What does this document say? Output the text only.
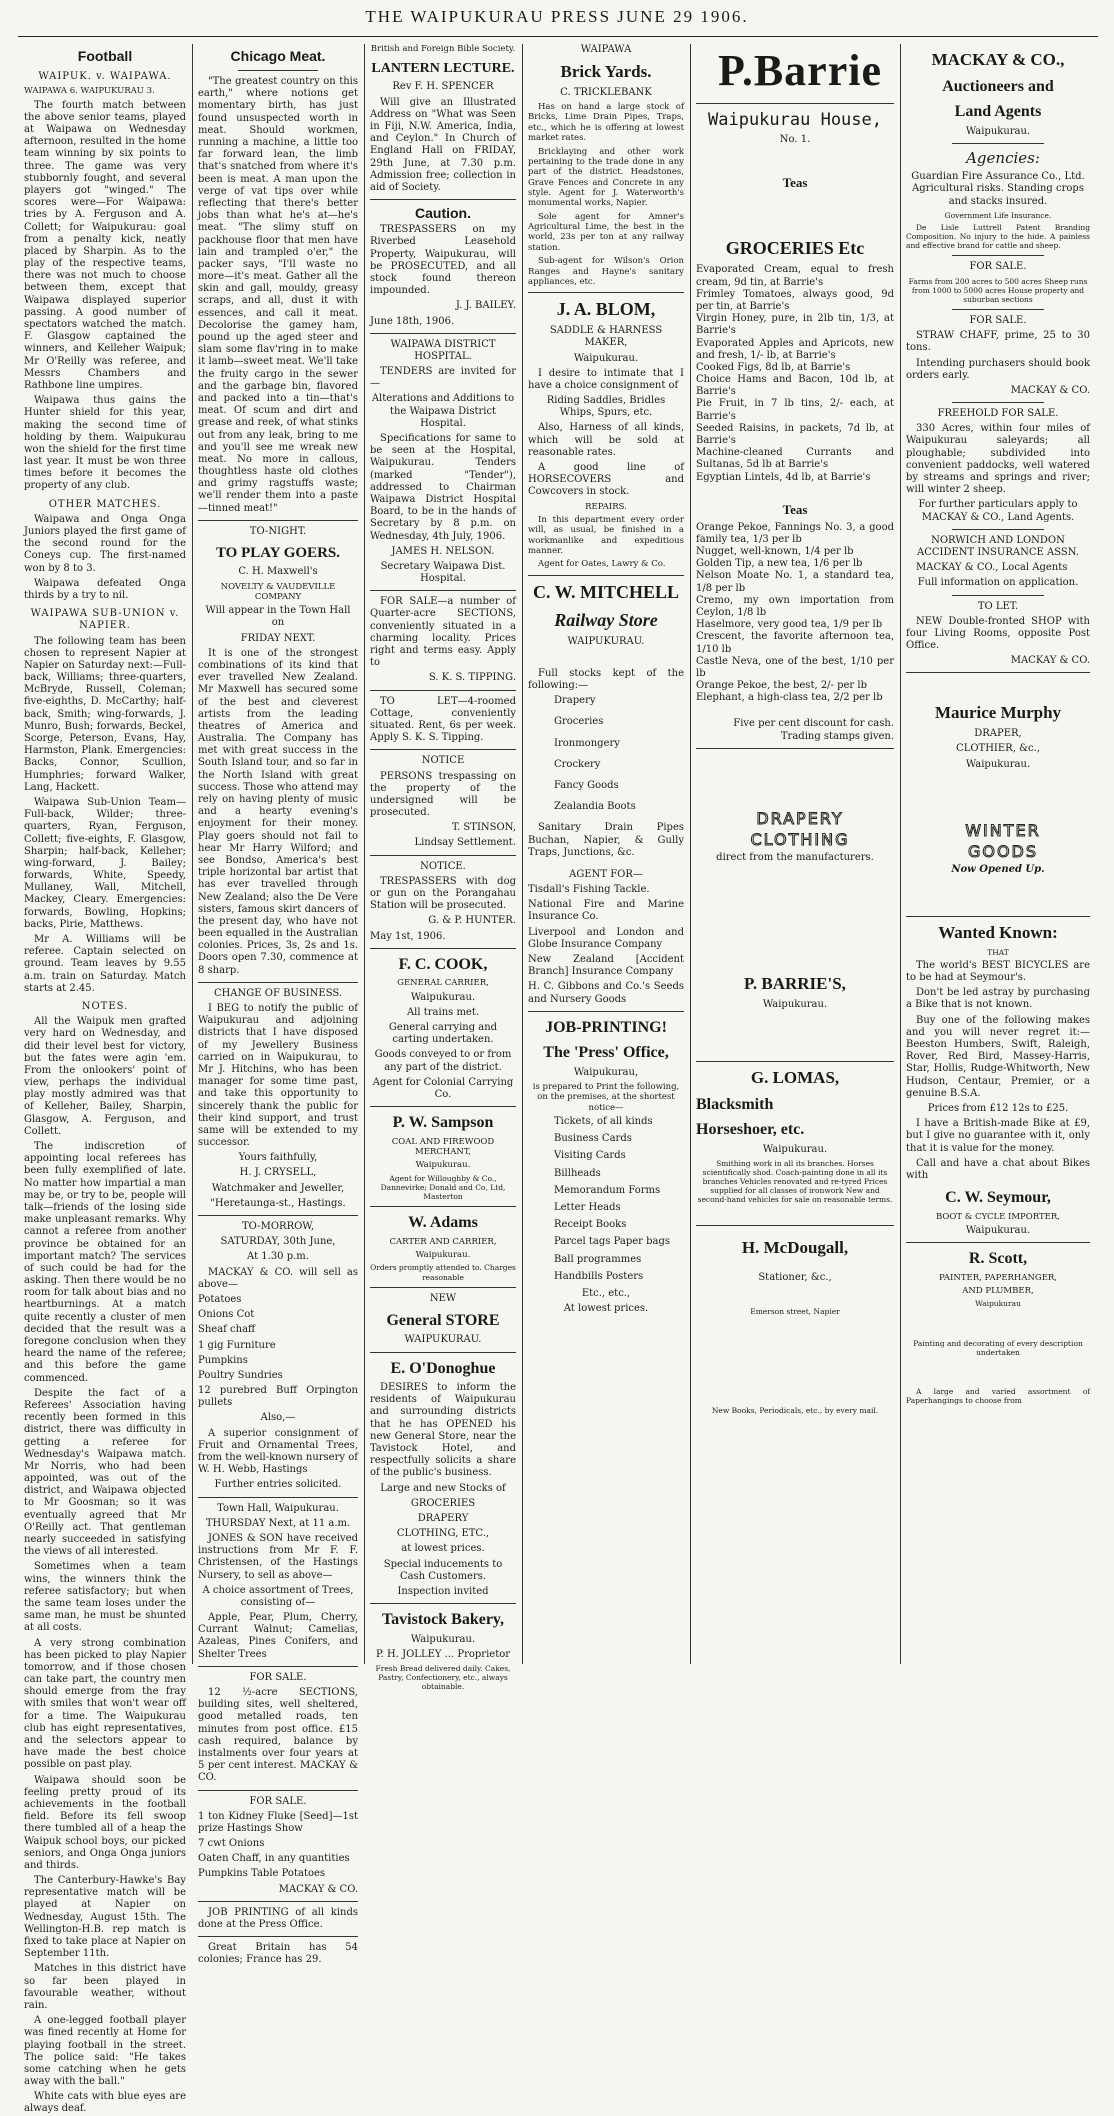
THE WAIPUKURAU PRESS JUNE 29 1906.
Football
WAIPUK. v. WAIPAWA.

WAIPAWA 6. WAIPUKURAU 3.

The fourth match between the above senior teams, played at Waipawa on Wednesday afternoon, resulted in the home team winning by six points to three. The game was very stubbornly fought, and several players got "winged." The scores were—For Waipawa: tries by A. Ferguson and A. Collett; for Waipukurau: goal from a penalty kick, neatly placed by Sharpin. As to the play of the respective teams, there was not much to choose between them, except that Waipawa displayed superior passing. A good number of spectators watched the match. F. Glasgow captained the winners, and Kelleher Waipuk; Mr O'Reilly was referee, and Messrs Chambers and Rathbone line umpires.

Waipawa thus gains the Hunter shield for this year, making the second time of holding by them. Waipukurau won the shield for the first time last year. It must be won three times before it becomes the property of any club.

OTHER MATCHES.

Waipawa and Onga Onga Juniors played the first game of the second round for the Coneys cup. The first-named won by 8 to 3.

Waipawa defeated Onga thirds by a try to nil.

WAIPAWA SUB-UNION v. NAPIER.

The following team has been chosen to represent Napier at Napier on Saturday next:—Full-back, Williams; three-quarters, McBryde, Russell, Coleman; five-eighths, D. McCarthy; half-back, Smith; wing-forwards, J. Munro, Bush; forwards, Beckel, Scorge, Peterson, Evans, Hay, Harmston, Plank. Emergencies: Backs, Connor, Scullion, Humphries; forward Walker, Lang, Hackett.

Waipawa Sub-Union Team—Full-back, Wilder; three-quarters, Ryan, Ferguson, Collett; five-eights, F. Glasgow, Sharpin; half-back, Kelleher; wing-forward, J. Bailey; forwards, White, Speedy, Mullaney, Wall, Mitchell, Mackey, Cleary. Emergencies: forwards, Bowling, Hopkins; backs, Pirie, Matthews.

Mr A. Williams will be referee. Captain selected on ground. Team leaves by 9.55 a.m. train on Saturday. Match starts at 2.45.

NOTES.

All the Waipuk men grafted very hard on Wednesday, and did their level best for victory, but the fates were agin 'em. From the onlookers' point of view, perhaps the individual play mostly admired was that of Kelleher, Bailey, Sharpin, Glasgow, A. Ferguson, and Collett.

The indiscretion of appointing local referees has been fully exemplified of late. No matter how impartial a man may be, or try to be, people will talk—friends of the losing side make unpleasant remarks. Why cannot a referee from another province be obtained for an important match? The services of such could be had for the asking. Then there would be no room for talk about bias and no heartburnings. At a match quite recently a cluster of men decided that the result was a foregone conclusion when they heard the name of the referee; and this before the game commenced.

Despite the fact of a Referees' Association having recently been formed in this district, there was difficulty in getting a referee for Wednesday's Waipawa match. Mr Norris, who had been appointed, was out of the district, and Waipawa objected to Mr Goosman; so it was eventually agreed that Mr O'Reilly act. That gentleman nearly succeeded in satisfying the views of all interested.

Sometimes when a team wins, the winners think the referee satisfactory; but when the same team loses under the same man, he must be shunted at all costs.

A very strong combination has been picked to play Napier tomorrow, and if those chosen can take part, the country men should emerge from the fray with smiles that won't wear off for a time. The Waipukurau club has eight representatives, and the selectors appear to have made the best choice possible on past play.

Waipawa should soon be feeling pretty proud of its achievements in the football field. Before its fell swoop there tumbled all of a heap the Waipuk school boys, our picked seniors, and Onga Onga juniors and thirds.

The Canterbury-Hawke's Bay representative match will be played at Napier on Wednesday, August 15th. The Wellington-H.B. rep match is fixed to take place at Napier on September 11th.

Matches in this district have so far been played in favourable weather, without rain.

A one-legged football player was fined recently at Home for playing football in the street. The police said: "He takes some catching when he gets away with the ball."

White cats with blue eyes are always deaf.

Chicago Meat.

"The greatest country on this earth," where notions get momentary birth, has just found unsuspected worth in meat. Should workmen, running a machine, a little too far forward lean, the limb that's snatched from where it's been is meat. A man upon the verge of vat tips over while reflecting that there's better jobs than what he's at—he's meat. "The slimy stuff on packhouse floor that men have lain and trampled o'er," the packer says, "I'll waste no more—it's meat. Gather all the skin and gall, mouldy, greasy scraps, and all, dust it with essences, and call it meat. Decolorise the gamey ham, pound up the aged steer and slam some flav'ring in to make it lamb—sweet meat. We'll take the fruity cargo in the sewer and the garbage bin, flavored and packed into a tin—that's meat. Of scum and dirt and grease and reek, of what stinks out from any leak, bring to me and you'll see me wreak new meat. No more in callous, thoughtless haste old clothes and grimy ragstuffs waste; we'll render them into a paste—tinned meat!"

TO-NIGHT.

TO PLAY GOERS.

C. H. Maxwell's

NOVELTY & VAUDEVILLE COMPANY

Will appear in the Town Hall on

FRIDAY NEXT.

It is one of the strongest combinations of its kind that ever travelled New Zealand. Mr Maxwell has secured some of the best and cleverest artists from the leading theatres of America and Australia. The Company has met with great success in the South Island tour, and so far in the North Island with great success. Those who attend may rely on having plenty of music and a hearty evening's enjoyment for their money. Play goers should not fail to hear Mr Harry Wilford; and see Bondso, America's best triple horizontal bar artist that has ever travelled through New Zealand; also the De Vere sisters, famous skirt dancers of the present day, who have not been equalled in the Australian colonies. Prices, 3s, 2s and 1s. Doors open 7.30, commence at 8 sharp.

CHANGE OF BUSINESS.

I BEG to notify the public of Waipukurau and adjoining districts that I have disposed of my Jewellery Business carried on in Waipukurau, to Mr J. Hitchins, who has been manager for some time past, and take this opportunity to sincerely thank the public for their kind support, and trust same will be extended to my successor.

Yours faithfully,

H. J. CRYSELL,

Watchmaker and Jeweller,

"Heretaunga-st., Hastings.

TO-MORROW,

SATURDAY, 30th June,

At 1.30 p.m.

MACKAY & CO. will sell as above—

Potatoes

Onions Cot

Sheaf chaff

1 gig Furniture

Pumpkins

Poultry Sundries

12 purebred Buff Orpington pullets

Also,—

A superior consignment of Fruit and Ornamental Trees, from the well-known nursery of W. H. Webb, Hastings

Further entries solicited.

Town Hall, Waipukurau.

THURSDAY Next, at 11 a.m.

JONES & SON have received instructions from Mr F. F. Christensen, of the Hastings Nursery, to sell as above—

A choice assortment of Trees, consisting of—

Apple, Pear, Plum, Cherry, Currant Walnut; Camelias, Azaleas, Pines Conifers, and Shelter Trees

FOR SALE.

12 ½-acre SECTIONS, building sites, well sheltered, good metalled roads, ten minutes from post office. £15 cash required, balance by instalments over four years at 5 per cent interest. MACKAY & CO.

FOR SALE.

1 ton Kidney Fluke [Seed]—1st prize Hastings Show

7 cwt Onions

Oaten Chaff, in any quantities

Pumpkins Table Potatoes

MACKAY & CO.

JOB PRINTING of all kinds done at the Press Office.

Great Britain has 54 colonies; France has 29.

British and Foreign Bible Society.

LANTERN LECTURE.

Rev F. H. SPENCER

Will give an Illustrated Address on "What was Seen in Fiji, N.W. America, India, and Ceylon." In Church of England Hall on FRIDAY, 29th June, at 7.30 p.m. Admission free; collection in aid of Society.

Caution.

TRESPASSERS on my Riverbed Leasehold Property, Waipukurau, will be PROSECUTED, and all stock found thereon impounded.

J. J. BAILEY.

June 18th, 1906.

WAIPAWA DISTRICT HOSPITAL.

TENDERS are invited for—

Alterations and Additions to the Waipawa District Hospital.

Specifications for same to be seen at the Hospital, Waipukurau. Tenders (marked "Tender"), addressed to Chairman Waipawa District Hospital Board, to be in the hands of Secretary by 8 p.m. on Wednesday, 4th July, 1906.

JAMES H. NELSON.

Secretary Waipawa Dist. Hospital.

FOR SALE—a number of Quarter-acre SECTIONS, conveniently situated in a charming locality. Prices right and terms easy. Apply to

S. K. S. TIPPING.

TO LET—4-roomed Cottage, conveniently situated. Rent, 6s per week. Apply S. K. S. Tipping.

NOTICE

PERSONS trespassing on the property of the undersigned will be prosecuted.

T. STINSON,

Lindsay Settlement.

NOTICE.

TRESPASSERS with dog or gun on the Porangahau Station will be prosecuted.

G. & P. HUNTER.

May 1st, 1906.

F. C. COOK,

GENERAL CARRIER,

Waipukurau.

All trains met.

General carrying and carting undertaken.

Goods conveyed to or from any part of the district.

Agent for Colonial Carrying Co.

P. W. Sampson

COAL AND FIREWOOD MERCHANT,

Waipukurau.

Agent for Willoughby & Co., Dannevirke; Donald and Co, Ltd, Masterton

W. Adams

CARTER AND CARRIER,

Waipukurau.

Orders promptly attended to. Charges reasonable

NEW

General STORE

WAIPUKURAU.

E. O'Donoghue

DESIRES to inform the residents of Waipukurau and surrounding districts that he has OPENED his new General Store, near the Tavistock Hotel, and respectfully solicits a share of the public's business.

Large and new Stocks of

GROCERIES

DRAPERY

CLOTHING, ETC.,

at lowest prices.

Special inducements to Cash Customers.

Inspection invited

Tavistock Bakery,

Waipukurau.

P. H. JOLLEY ... Proprietor

Fresh Bread delivered daily. Cakes, Pastry, Confectionery, etc., always obtainable.

WAIPAWA

Brick Yards.

C. TRICKLEBANK

Has on hand a large stock of Bricks, Lime Drain Pipes, Traps, etc., which he is offering at lowest market rates.

Bricklaying and other work pertaining to the trade done in any part of the district. Headstones, Grave Fences and Concrete in any style. Agent for J. Waterworth's monumental works, Napier.

Sole agent for Amner's Agricultural Lime, the best in the world, 23s per ton at any railway station.

Sub-agent for Wilson's Orion Ranges and Hayne's sanitary appliances, etc.

J. A. BLOM,

SADDLE & HARNESS MAKER,

Waipukurau.

I desire to intimate that I have a choice consignment of

Riding Saddles, Bridles Whips, Spurs, etc.

Also, Harness of all kinds, which will be sold at reasonable rates.

A good line of HORSECOVERS and Cowcovers in stock.

REPAIRS.

In this department every order will, as usual, be finished in a workmanlike and expeditious manner.

Agent for Oates, Lawry & Co.

C. W. MITCHELL
Railway Store

WAIPUKURAU.

Full stocks kept of the following:—

Drapery
Groceries
Ironmongery
Crockery
Fancy Goods
Zealandia Boots

Sanitary Drain Pipes Buchan, Napier, & Gully Traps, Junctions, &c.

AGENT FOR—

Tisdall's Fishing Tackle.

National Fire and Marine Insurance Co.

Liverpool and London and Globe Insurance Company

New Zealand [Accident Branch] Insurance Company

H. C. Gibbons and Co.'s Seeds and Nursery Goods

JOB-PRINTING!
The 'Press' Office,

Waipukurau,

is prepared to Print the following, on the premises, at the shortest notice—

Tickets, of all kinds
Business Cards
Visiting Cards
Billheads
Memorandum Forms
Letter Heads
Receipt Books
Parcel tags Paper bags
Ball programmes
Handbills Posters

Etc., etc.,

At lowest prices.

P.Barrie

Waipukurau House,

No. 1.

Teas
GROCERIES Etc

Evaporated Cream, equal to fresh cream, 9d tin, at Barrie's
Frimley Tomatoes, always good, 9d per tin, at Barrie's
Virgin Honey, pure, in 2lb tin, 1/3, at Barrie's
Evaporated Apples and Apricots, new and fresh, 1/- lb, at Barrie's
Cooked Figs, 8d lb, at Barrie's
Choice Hams and Bacon, 10d lb, at Barrie's
Pie Fruit, in 7 lb tins, 2/- each, at Barrie's
Seeded Raisins, in packets, 7d lb, at Barrie's
Machine-cleaned Currants and Sultanas, 5d lb at Barrie's
Egyptian Lintels, 4d lb, at Barrie's

Teas

Orange Pekoe, Fannings No. 3, a good family tea, 1/3 per lb
Nugget, well-known, 1/4 per lb
Golden Tip, a new tea, 1/6 per lb
Nelson Moate No. 1, a standard tea, 1/8 per lb
Cremo, my own importation from Ceylon, 1/8 lb
Haselmore, very good tea, 1/9 per lb
Crescent, the favorite afternoon tea, 1/10 lb
Castle Neva, one of the best, 1/10 per lb
Orange Pekoe, the best, 2/- per lb
Elephant, a high-class tea, 2/2 per lb

Five per cent discount for cash. Trading stamps given.

DRAPERY

CLOTHING

direct from the manufacturers.

P. BARRIE'S,

Waipukurau.

G. LOMAS,
Blacksmith
Horseshoer, etc.

Waipukurau.

Smithing work in all its branches. Horses scientifically shod. Coach-painting done in all its branches Vehicles renovated and re-tyred Prices supplied for all classes of ironwork New and second-hand vehicles for sale on reasonable terms.

H. McDougall,

Stationer, &c.,

Emerson street, Napier

New Books, Periodicals, etc., by every mail.

MACKAY & CO.,
Auctioneers and
Land Agents

Waipukurau.

Agencies:

Guardian Fire Assurance Co., Ltd. Agricultural risks. Standing crops and stacks insured.

Government Life Insurance.

De Lisle Luttrell Patent Branding Composition. No injury to the hide. A painless and effective brand for cattle and sheep.

FOR SALE.

Farms from 200 acres to 500 acres Sheep runs from 1000 to 5000 acres House property and suburban sections

FOR SALE.

STRAW CHAFF, prime, 25 to 30 tons.

Intending purchasers should book orders early.

MACKAY & CO.

FREEHOLD FOR SALE.

330 Acres, within four miles of Waipukurau saleyards; all ploughable; subdivided into convenient paddocks, well watered by streams and springs and river; will winter 2 sheep.

For further particulars apply to MACKAY & CO., Land Agents.

NORWICH AND LONDON ACCIDENT INSURANCE ASSN.

MACKAY & CO., Local Agents

Full information on application.

TO LET.

NEW Double-fronted SHOP with four Living Rooms, opposite Post Office.

MACKAY & CO.

Maurice Murphy

DRAPER,

CLOTHIER, &c.,

Waipukurau.

WINTER

GOODS

Now Opened Up.

Wanted Known:

THAT

The world's BEST BICYCLES are to be had at Seymour's.

Don't be led astray by purchasing a Bike that is not known.

Buy one of the following makes and you will never regret it:—Beeston Humbers, Swift, Raleigh, Rover, Red Bird, Massey-Harris, Star, Hollis, Rudge-Whitworth, New Hudson, Centaur, Premier, or a genuine B.S.A.

Prices from £12 12s to £25.

I have a British-made Bike at £9, but I give no guarantee with it, only that it is value for the money.

Call and have a chat about Bikes with

C. W. Seymour,

BOOT & CYCLE IMPORTER,

Waipukurau.

R. Scott,

PAINTER, PAPERHANGER,

AND PLUMBER,

Waipukurau

Painting and decorating of every description undertaken

A large and varied assortment of Paperhangings to choose from
